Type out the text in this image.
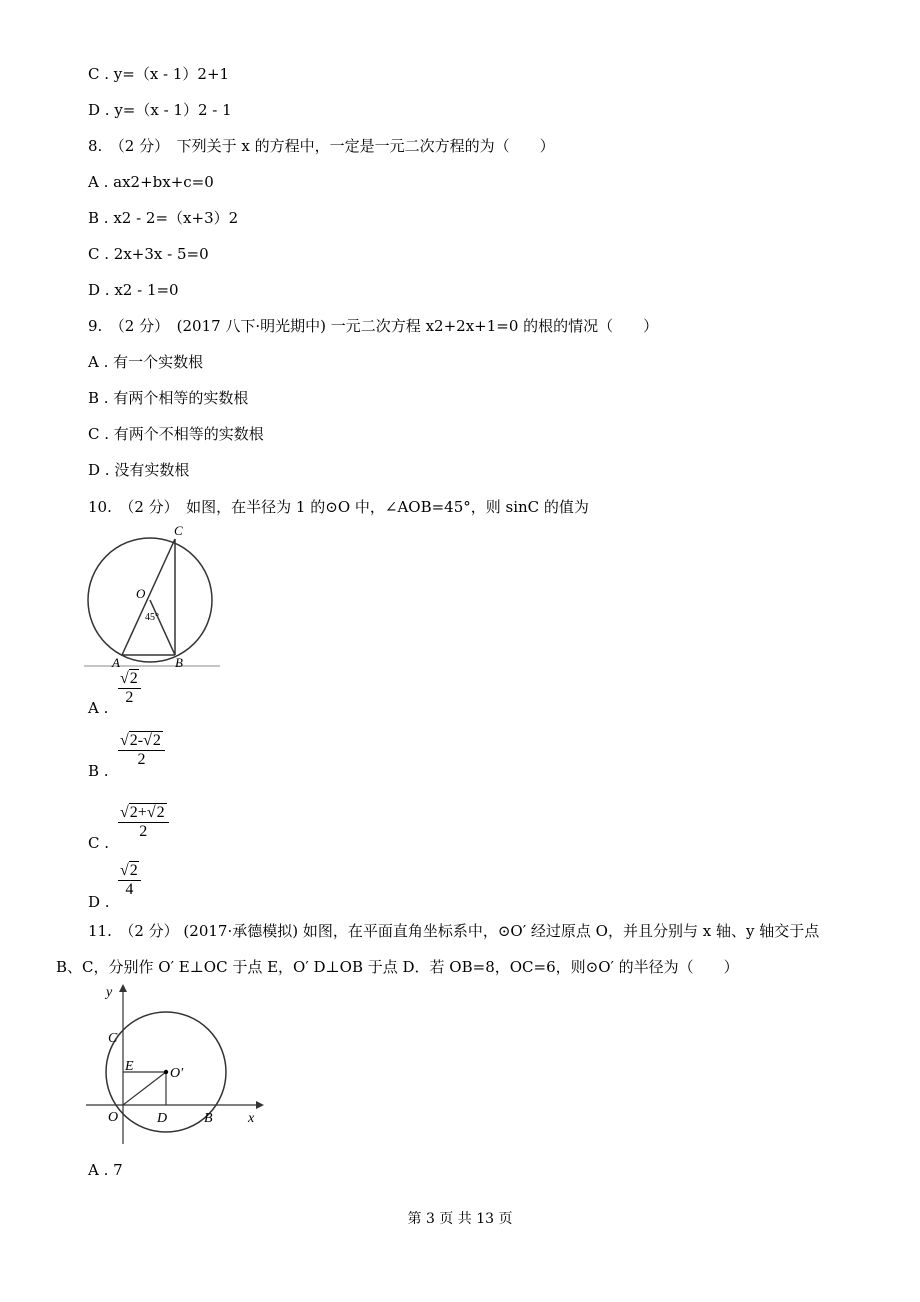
C . y=（x - 1）2+1
D . y=（x - 1）2 - 1
8.　（2 分）　下列关于 x 的方程中，一定是一元二次方程的为（　　）
A . ax2+bx+c=0
B . x2 - 2=（x+3）2
C . 2x+3x - 5=0
D . x2 - 1=0
9.　（2 分）　(2017 八下·明光期中) 一元二次方程 x2+2x+1=0 的根的情况（　　）
A . 有一个实数根
B . 有两个相等的实数根
C . 有两个不相等的实数根
D . 没有实数根
10.　（2 分）　如图，在半径为 1 的⊙O 中，∠AOB=45°，则 sinC 的值为
C
O
45°
A	B
A .
$\frac{√2}{2}$
B .
$\frac{√2-√2}{2}$
C .
$\frac{√2+√2}{2}$
D .
$\frac{√2}{4}$
11.　（2 分） (2017·承德模拟) 如图，在平面直角坐标系中，⊙O′ 经过原点 O，并且分别与 x 轴、y 轴交于点
B、C，分别作 O′ E⊥OC 于点 E，O′ D⊥OB 于点 D．若 OB=8，OC=6，则⊙O′ 的半径为（　　）
y
C
E	O′
O	D	B	x
A . 7
第 3 页 共 13 页
